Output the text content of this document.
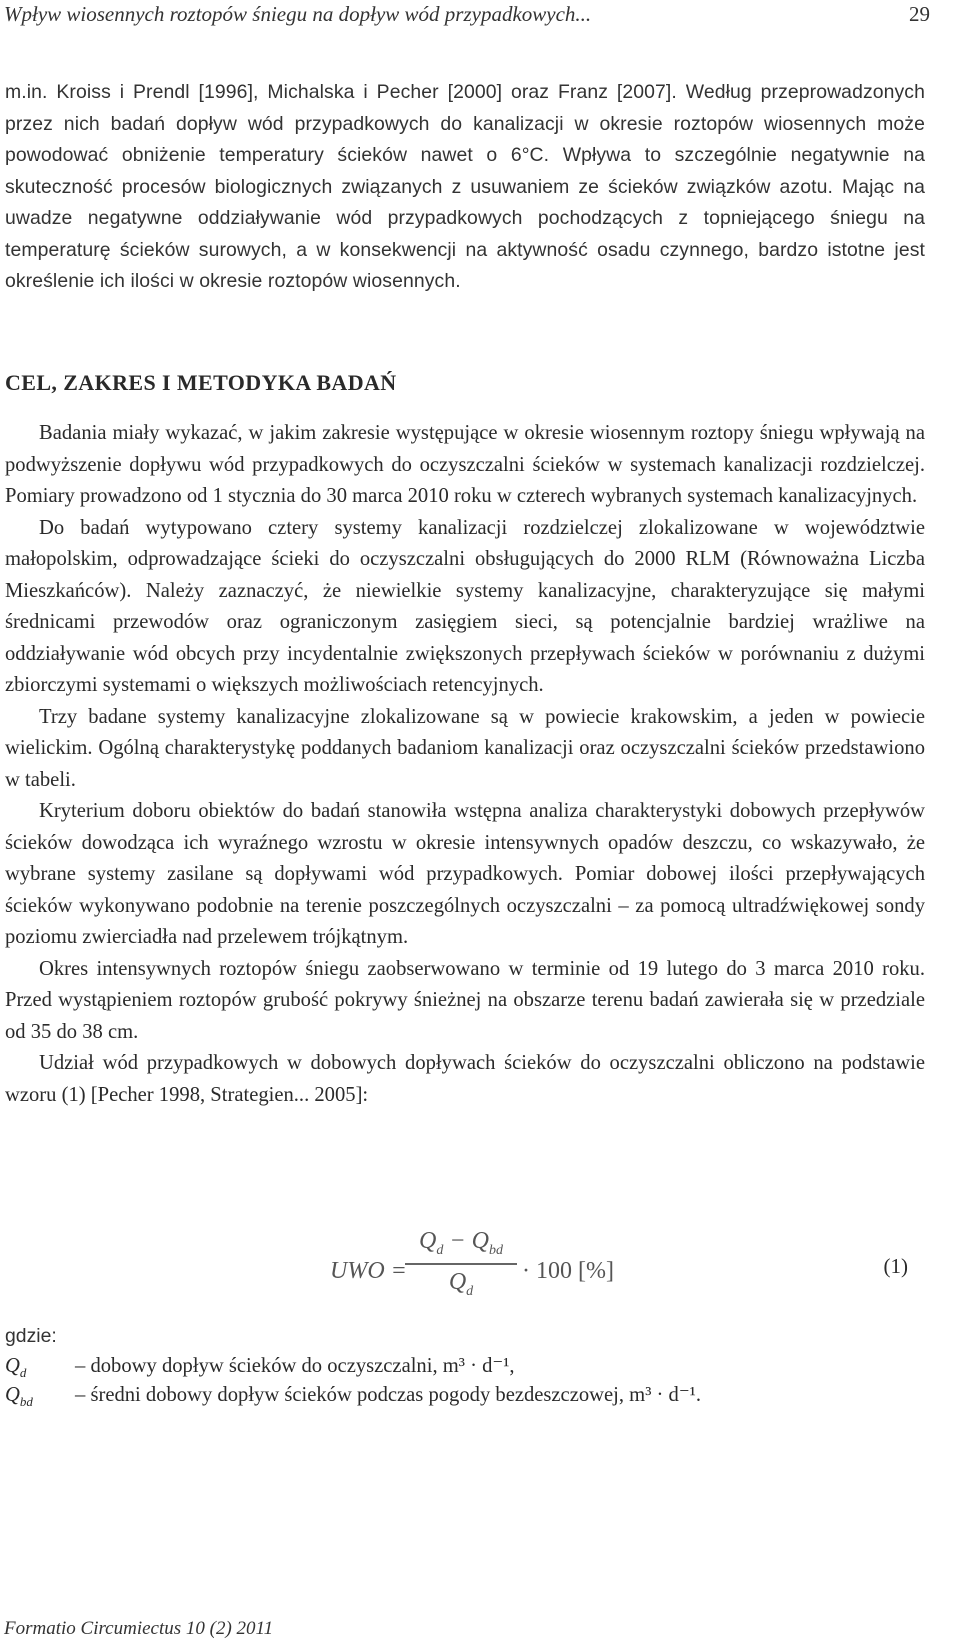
Wpływ wiosennych roztopów śniegu na dopływ wód przypadkowych...	29

m.in. Kroiss i Prendl [1996], Michalska i Pecher [2000] oraz Franz [2007]. Według przeprowadzonych przez nich badań dopływ wód przypadkowych do kanalizacji w okresie roztopów wiosennych może powodować obniżenie temperatury ścieków nawet o 6°C. Wpływa to szczególnie negatywnie na skuteczność procesów biologicznych związanych z usuwaniem ze ścieków związków azotu. Mając na uwadze negatywne oddziaływanie wód przypadkowych pochodzących z topniejącego śniegu na temperaturę ścieków surowych, a w konsekwencji na aktywność osadu czynnego, bardzo istotne jest określenie ich ilości w okresie roztopów wiosennych.

CEL, ZAKRES I METODYKA BADAŃ

Badania miały wykazać, w jakim zakresie występujące w okresie wiosennym roztopy śniegu wpływają na podwyższenie dopływu wód przypadkowych do oczyszczalni ścieków w systemach kanalizacji rozdzielczej. Pomiary prowadzono od 1 stycznia do 30 marca 2010 roku w czterech wybranych systemach kanalizacyjnych.

Do badań wytypowano cztery systemy kanalizacji rozdzielczej zlokalizowane w województwie małopolskim, odprowadzające ścieki do oczyszczalni obsługujących do 2000 RLM (Równoważna Liczba Mieszkańców). Należy zaznaczyć, że niewielkie systemy kanalizacyjne, charakteryzujące się małymi średnicami przewodów oraz ograniczonym zasięgiem sieci, są potencjalnie bardziej wrażliwe na oddziaływanie wód obcych przy incydentalnie zwiększonych przepływach ścieków w porównaniu z dużymi zbiorczymi systemami o większych możliwościach retencyjnych.

Trzy badane systemy kanalizacyjne zlokalizowane są w powiecie krakowskim, a jeden w powiecie wielickim. Ogólną charakterystykę poddanych badaniom kanalizacji oraz oczyszczalni ścieków przedstawiono w tabeli.

Kryterium doboru obiektów do badań stanowiła wstępna analiza charakterystyki dobowych przepływów ścieków dowodząca ich wyraźnego wzrostu w okresie intensywnych opadów deszczu, co wskazywało, że wybrane systemy zasilane są dopływami wód przypadkowych. Pomiar dobowej ilości przepływających ścieków wykonywano podobnie na terenie poszczególnych oczyszczalni – za pomocą ultradźwiękowej sondy poziomu zwierciadła nad przelewem trójkątnym.

Okres intensywnych roztopów śniegu zaobserwowano w terminie od 19 lutego do 3 marca 2010 roku. Przed wystąpieniem roztopów grubość pokrywy śnieżnej na obszarze terenu badań zawierała się w przedziale od 35 do 38 cm.

Udział wód przypadkowych w dobowych dopływach ścieków do oczyszczalni obliczono na podstawie wzoru (1) [Pecher 1998, Strategien... 2005]:

UWO =
$Q_d - Q_{bd}$
$Q_d$
· 100 [%]	(1)
gdzie:
$Q_d$ – dobowy dopływ ścieków do oczyszczalni, m³ · d⁻¹,
$Q_{bd}$ – średni dobowy dopływ ścieków podczas pogody bezdeszczowej, m³ · d⁻¹.
Formatio Circumiectus 10 (2) 2011
